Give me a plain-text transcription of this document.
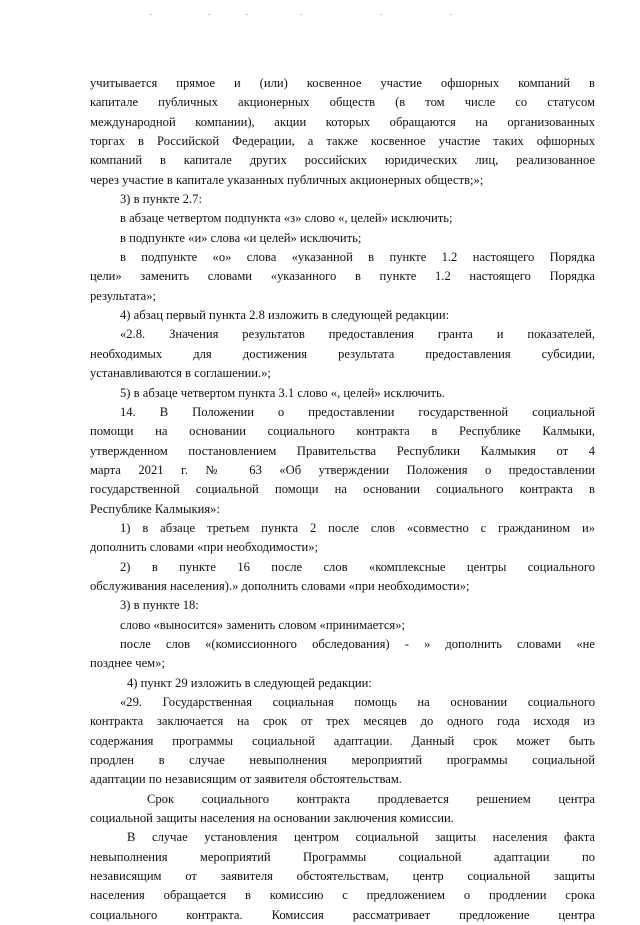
учитывается прямое и (или) косвенное участие офшорных компаний в
капитале публичных акционерных обществ (в том числе со статусом
международной компании), акции которых обращаются на организованных
торгах в Российской Федерации, а также косвенное участие таких офшорных
компаний в капитале других российских юридических лиц, реализованное
через участие в капитале указанных публичных акционерных обществ;»;
3) в пункте 2.7:
в абзаце четвертом подпункта «з» слово «, целей» исключить;
в подпункте «и» слова «и целей» исключить;
в подпункте «о» слова «указанной в пункте 1.2 настоящего Порядка
цели» заменить словами «указанного в пункте 1.2 настоящего Порядка
результата»;
4) абзац первый пункта 2.8 изложить в следующей редакции:
«2.8. Значения результатов предоставления гранта и показателей,
необходимых для достижения результата предоставления субсидии,
устанавливаются в соглашении.»;
5) в абзаце четвертом пункта 3.1 слово «, целей» исключить.
14. В Положении о предоставлении государственной социальной
помощи на основании социального контракта в Республике Калмыки,
утвержденном постановлением Правительства Республики Калмыкия от 4
марта 2021 г. № 63 «Об утверждении Положения о предоставлении
государственной социальной помощи на основании социального контракта в
Республике Калмыкия»:
1) в абзаце третьем пункта 2 после слов «совместно с гражданином и»
дополнить словами «при необходимости»;
2) в пункте 16 после слов «комплексные центры социального
обслуживания населения).» дополнить словами «при необходимости»;
3) в пункте 18:
слово «выносится» заменить словом «принимается»;
после слов «(комиссионного обследования) - » дополнить словами «не
позднее чем»;
4) пункт 29 изложить в следующей редакции:
«29. Государственная социальная помощь на основании социального
контракта заключается на срок от трех месяцев до одного года исходя из
содержания программы социальной адаптации. Данный срок может быть
продлен в случае невыполнения мероприятий программы социальной
адаптации по независящим от заявителя обстоятельствам.
Срок социального контракта продлевается решением центра
социальной защиты населения на основании заключения комиссии.
В случае установления центром социальной защиты населения факта
невыполнения мероприятий Программы социальной адаптации по
независящим от заявителя обстоятельствам, центр социальной защиты
населения обращается в комиссию с предложением о продлении срока
социального контракта. Комиссия рассматривает предложение центра
